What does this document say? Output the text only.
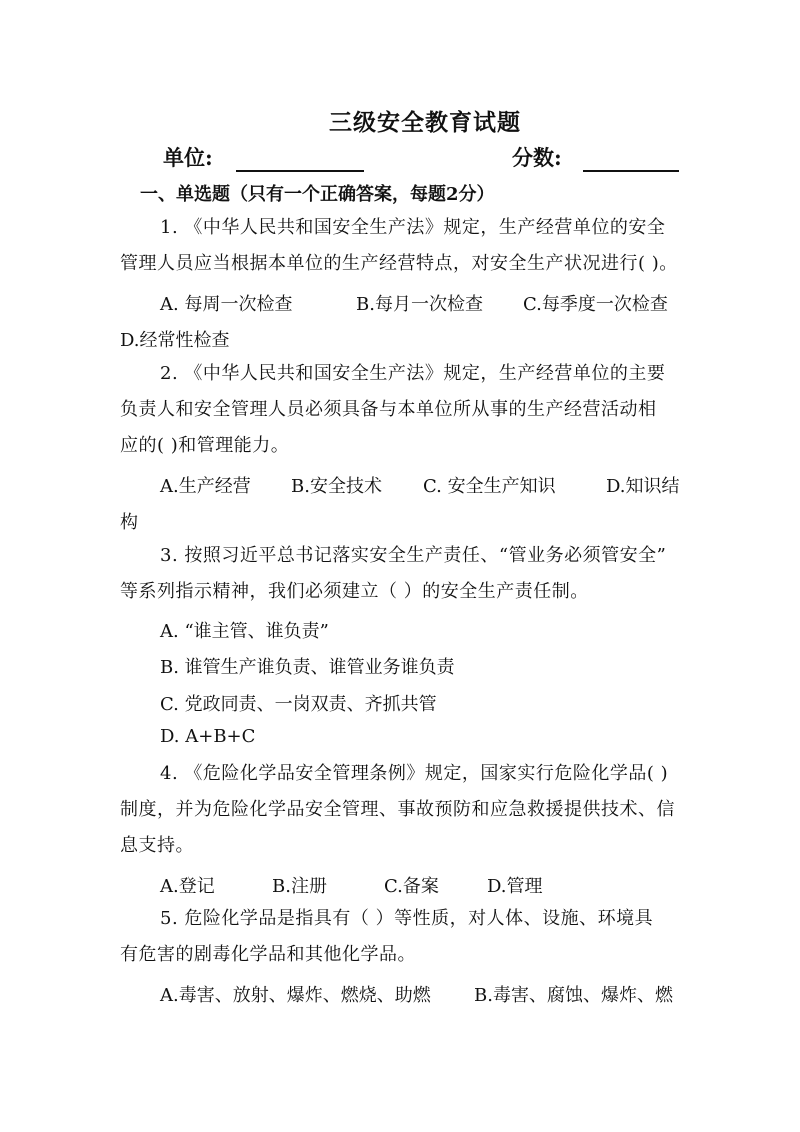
三级安全教育试题
单位:	分数:
一、单选题（只有一个正确答案，每题2分）
1. 《中华人民共和国安全生产法》规定，生产经营单位的安全
管理人员应当根据本单位的生产经营特点，对安全生产状况进行( )。
A. 每周一次检查	B.每月一次检查 C.每季度一次检查
D.经常性检查
2. 《中华人民共和国安全生产法》规定，生产经营单位的主要
负责人和安全管理人员必须具备与本单位所从事的生产经营活动相
应的( )和管理能力。
A.生产经营 B.安全技术 C. 安全生产知识	D.知识结
构
3. 按照习近平总书记落实安全生产责任、“管业务必须管安全”
等系列指示精神，我们必须建立（ ）的安全生产责任制。
A. “谁主管、谁负责”
B. 谁管生产谁负责、谁管业务谁负责
C. 党政同责、一岗双责、齐抓共管
D. A+B+C
4. 《危险化学品安全管理条例》规定，国家实行危险化学品( )
制度，并为危险化学品安全管理、事故预防和应急救援提供技术、信
息支持。
A.登记	B.注册	C.备案	D.管理
5. 危险化学品是指具有（ ）等性质，对人体、设施、环境具
有危害的剧毒化学品和其他化学品。
A.毒害、放射、爆炸、燃烧、助燃 B.毒害、腐蚀、爆炸、燃
